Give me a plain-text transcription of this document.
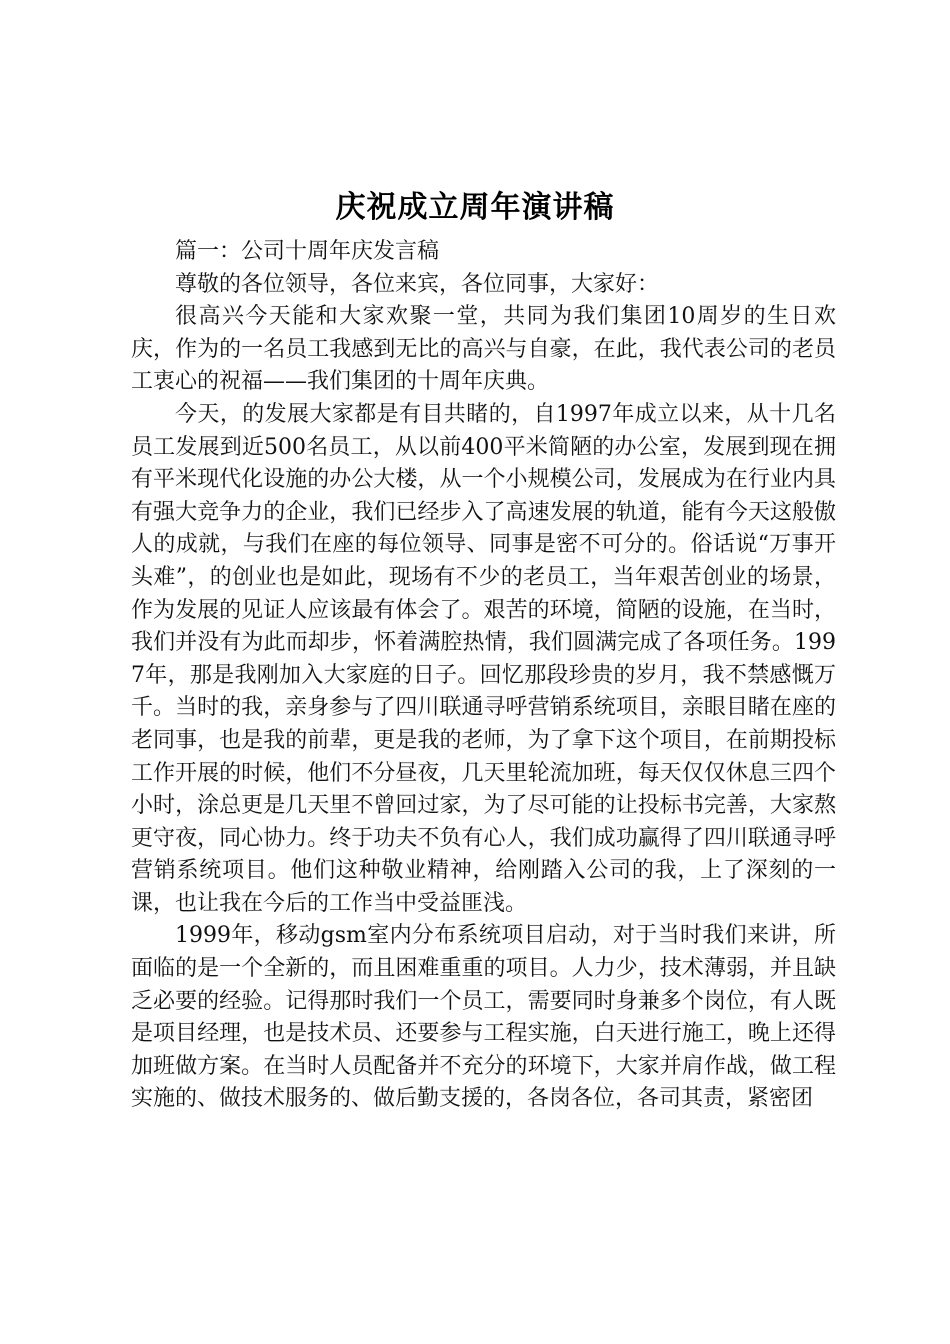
庆祝成立周年演讲稿

篇一：公司十周年庆发言稿

尊敬的各位领导，各位来宾，各位同事，大家好：

很高兴今天能和大家欢聚一堂，共同为我们集团10周岁的生日欢庆，作为的一名员工我感到无比的高兴与自豪，在此，我代表公司的老员工衷心的祝福——我们集团的十周年庆典。

今天，的发展大家都是有目共睹的，自1997年成立以来，从十几名员工发展到近500名员工，从以前400平米简陋的办公室，发展到现在拥有平米现代化设施的办公大楼，从一个小规模公司，发展成为在行业内具有强大竞争力的企业，我们已经步入了高速发展的轨道，能有今天这般傲人的成就，与我们在座的每位领导、同事是密不可分的。俗话说“万事开头难”，的创业也是如此，现场有不少的老员工，当年艰苦创业的场景，作为发展的见证人应该最有体会了。艰苦的环境，简陋的设施，在当时，我们并没有为此而却步，怀着满腔热情，我们圆满完成了各项任务。1997年，那是我刚加入大家庭的日子。回忆那段珍贵的岁月，我不禁感慨万千。当时的我，亲身参与了四川联通寻呼营销系统项目，亲眼目睹在座的老同事，也是我的前辈，更是我的老师，为了拿下这个项目，在前期投标工作开展的时候，他们不分昼夜，几天里轮流加班，每天仅仅休息三四个小时，涂总更是几天里不曾回过家，为了尽可能的让投标书完善，大家熬更守夜，同心协力。终于功夫不负有心人，我们成功赢得了四川联通寻呼营销系统项目。他们这种敬业精神，给刚踏入公司的我，上了深刻的一课，也让我在今后的工作当中受益匪浅。

1999年，移动gsm室内分布系统项目启动，对于当时我们来讲，所面临的是一个全新的，而且困难重重的项目。人力少，技术薄弱，并且缺乏必要的经验。记得那时我们一个员工，需要同时身兼多个岗位，有人既是项目经理，也是技术员、还要参与工程实施，白天进行施工，晚上还得加班做方案。在当时人员配备并不充分的环境下，大家并肩作战，做工程实施的、做技术服务的、做后勤支援的，各岗各位，各司其责，紧密团
